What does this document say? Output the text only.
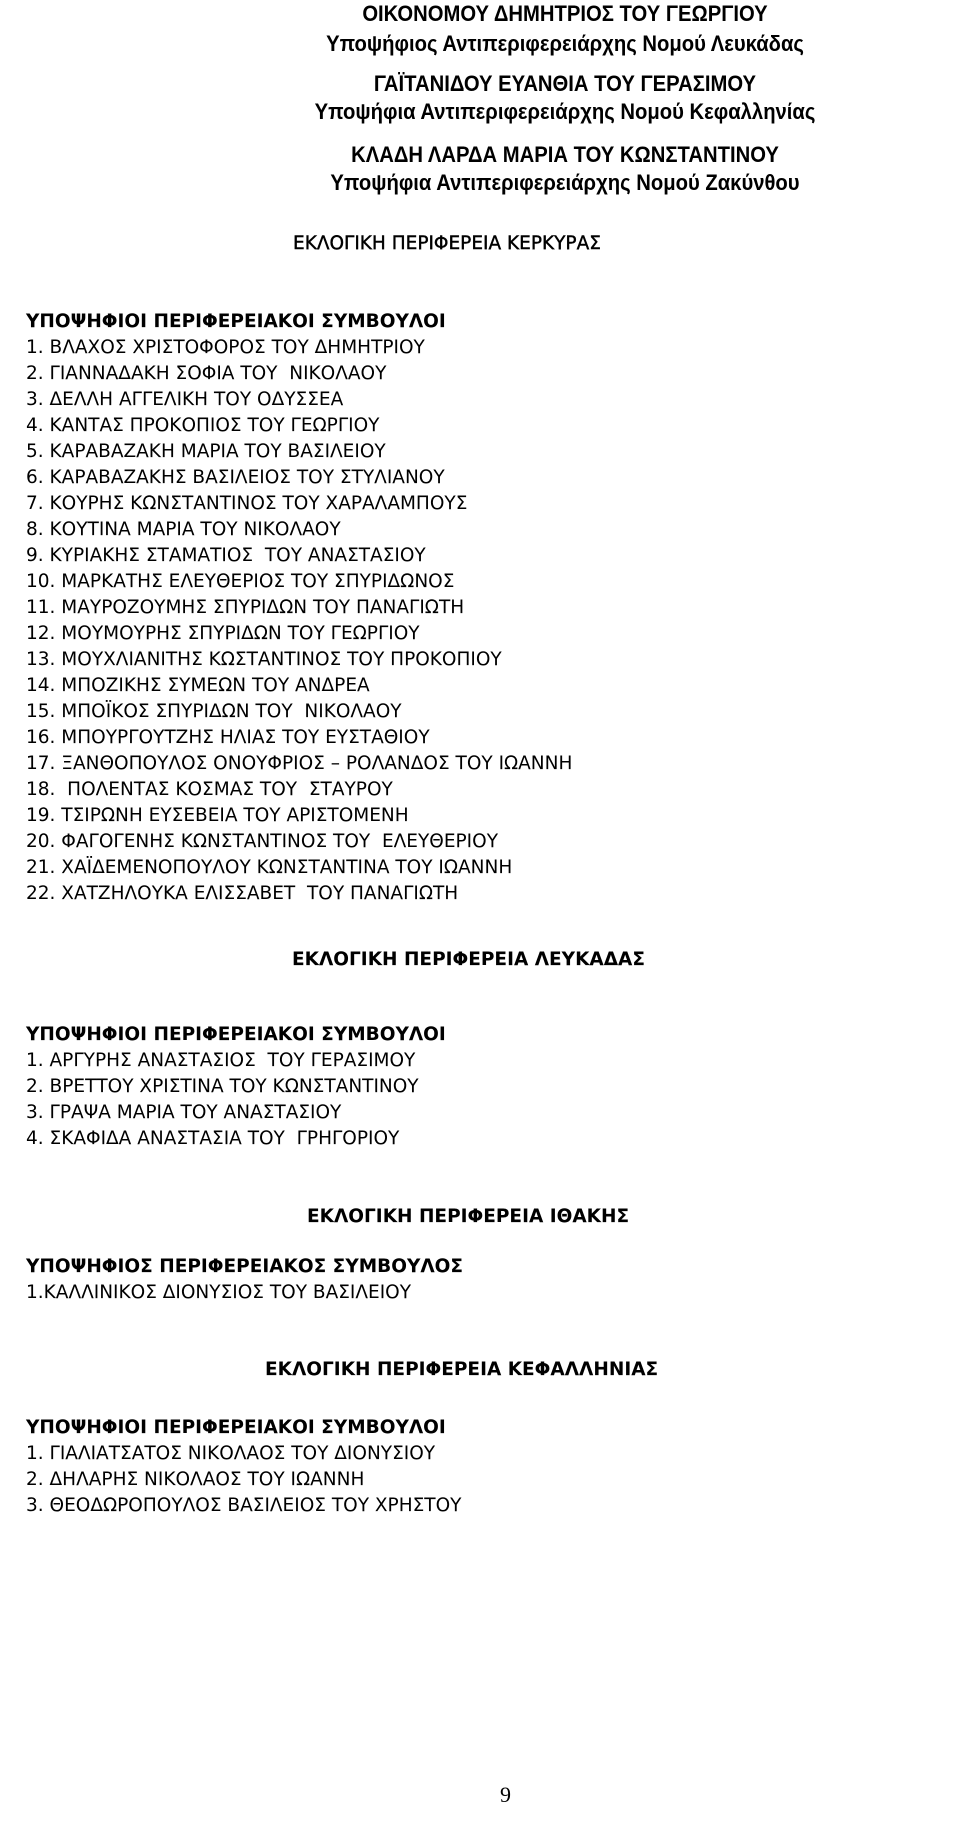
ΟΙΚΟΝΟΜΟΥ ΔΗΜΗΤΡΙΟΣ ΤΟΥ ΓΕΩΡΓΙΟΥ
Υποψήφιος Αντιπεριφερειάρχης Νομού Λευκάδας
ΓΑΪΤΑΝΙΔΟΥ ΕΥΑΝΘΙΑ ΤΟΥ ΓΕΡΑΣΙΜΟΥ
Υποψήφια Αντιπεριφερειάρχης Νομού Κεφαλληνίας
ΚΛΑΔΗ ΛΑΡΔΑ ΜΑΡΙΑ ΤΟΥ ΚΩΝΣΤΑΝΤΙΝΟΥ
Υποψήφια Αντιπεριφερειάρχης Νομού Ζακύνθου
ΕΚΛΟΓΙΚΗ ΠΕΡΙΦΕΡΕΙΑ ΚΕΡΚΥΡΑΣ
ΥΠΟΨΗΦΙΟΙ ΠΕΡΙΦΕΡΕΙΑΚΟΙ ΣΥΜΒΟΥΛΟΙ
1. ΒΛΑΧΟΣ ΧΡΙΣΤΟΦΟΡΟΣ ΤΟΥ ΔΗΜΗΤΡΙΟΥ
2. ΓΙΑΝΝΑΔΑΚΗ ΣΟΦΙΑ ΤΟΥ  ΝΙΚΟΛΑΟΥ
3. ΔΕΛΛΗ ΑΓΓΕΛΙΚΗ ΤΟΥ ΟΔΥΣΣΕΑ
4. ΚΑΝΤΑΣ ΠΡΟΚΟΠΙΟΣ ΤΟΥ ΓΕΩΡΓΙΟΥ
5. ΚΑΡΑΒΑΖΑΚΗ ΜΑΡΙΑ ΤΟΥ ΒΑΣΙΛΕΙΟΥ
6. ΚΑΡΑΒΑΖΑΚΗΣ ΒΑΣΙΛΕΙΟΣ ΤΟΥ ΣΤΥΛΙΑΝΟΥ
7. ΚΟΥΡΗΣ ΚΩΝΣΤΑΝΤΙΝΟΣ ΤΟΥ ΧΑΡΑΛΑΜΠΟΥΣ
8. ΚΟΥΤΙΝΑ ΜΑΡΙΑ ΤΟΥ ΝΙΚΟΛΑΟΥ
9. ΚΥΡΙΑΚΗΣ ΣΤΑΜΑΤΙΟΣ  ΤΟΥ ΑΝΑΣΤΑΣΙΟΥ
10. ΜΑΡΚΑΤΗΣ ΕΛΕΥΘΕΡΙΟΣ ΤΟΥ ΣΠΥΡΙΔΩΝΟΣ
11. ΜΑΥΡΟΖΟΥΜΗΣ ΣΠΥΡΙΔΩΝ ΤΟΥ ΠΑΝΑΓΙΩΤΗ
12. ΜΟΥΜΟΥΡΗΣ ΣΠΥΡΙΔΩΝ ΤΟΥ ΓΕΩΡΓΙΟΥ
13. ΜΟΥΧΛΙΑΝΙΤΗΣ ΚΩΣΤΑΝΤΙΝΟΣ ΤΟΥ ΠΡΟΚΟΠΙΟΥ
14. ΜΠΟΖΙΚΗΣ ΣΥΜΕΩΝ ΤΟΥ ΑΝΔΡΕΑ
15. ΜΠΟΪΚΟΣ ΣΠΥΡΙΔΩΝ ΤΟΥ  ΝΙΚΟΛΑΟΥ
16. ΜΠΟΥΡΓΟΥΤΖΗΣ ΗΛΙΑΣ ΤΟΥ ΕΥΣΤΑΘΙΟΥ
17. ΞΑΝΘΟΠΟΥΛΟΣ ΟΝΟΥΦΡΙΟΣ – ΡΟΛΑΝΔΟΣ ΤΟΥ ΙΩΑΝΝΗ
18.  ΠΟΛΕΝΤΑΣ ΚΟΣΜΑΣ ΤΟΥ  ΣΤΑΥΡΟΥ
19. ΤΣΙΡΩΝΗ ΕΥΣΕΒΕΙΑ ΤΟΥ ΑΡΙΣΤΟΜΕΝΗ
20. ΦΑΓΟΓΕΝΗΣ ΚΩΝΣΤΑΝΤΙΝΟΣ ΤΟΥ  ΕΛΕΥΘΕΡΙΟΥ
21. ΧΑΪΔΕΜΕΝΟΠΟΥΛΟΥ ΚΩΝΣΤΑΝΤΙΝΑ ΤΟΥ ΙΩΑΝΝΗ
22. ΧΑΤΖΗΛΟΥΚΑ ΕΛΙΣΣΑΒΕΤ  ΤΟΥ ΠΑΝΑΓΙΩΤΗ
ΕΚΛΟΓΙΚΗ ΠΕΡΙΦΕΡΕΙΑ ΛΕΥΚΑΔΑΣ
ΥΠΟΨΗΦΙΟΙ ΠΕΡΙΦΕΡΕΙΑΚΟΙ ΣΥΜΒΟΥΛΟΙ
1. ΑΡΓΥΡΗΣ ΑΝΑΣΤΑΣΙΟΣ  ΤΟΥ ΓΕΡΑΣΙΜΟΥ
2. ΒΡΕΤΤΟΥ ΧΡΙΣΤΙΝΑ ΤΟΥ ΚΩΝΣΤΑΝΤΙΝΟΥ
3. ΓΡΑΨΑ ΜΑΡΙΑ ΤΟΥ ΑΝΑΣΤΑΣΙΟΥ
4. ΣΚΑΦΙΔΑ ΑΝΑΣΤΑΣΙΑ ΤΟΥ  ΓΡΗΓΟΡΙΟΥ
ΕΚΛΟΓΙΚΗ ΠΕΡΙΦΕΡΕΙΑ ΙΘΑΚΗΣ
ΥΠΟΨΗΦΙΟΣ ΠΕΡΙΦΕΡΕΙΑΚΟΣ ΣΥΜΒΟΥΛΟΣ
1.ΚΑΛΛΙΝΙΚΟΣ ΔΙΟΝΥΣΙΟΣ ΤΟΥ ΒΑΣΙΛΕΙΟΥ
ΕΚΛΟΓΙΚΗ ΠΕΡΙΦΕΡΕΙΑ ΚΕΦΑΛΛΗΝΙΑΣ
ΥΠΟΨΗΦΙΟΙ ΠΕΡΙΦΕΡΕΙΑΚΟΙ ΣΥΜΒΟΥΛΟΙ
1. ΓΙΑΛΙΑΤΣΑΤΟΣ ΝΙΚΟΛΑΟΣ ΤΟΥ ΔΙΟΝΥΣΙΟΥ
2. ΔΗΛΑΡΗΣ ΝΙΚΟΛΑΟΣ ΤΟΥ ΙΩΑΝΝΗ
3. ΘΕΟΔΩΡΟΠΟΥΛΟΣ ΒΑΣΙΛΕΙΟΣ ΤΟΥ ΧΡΗΣΤΟΥ
9
